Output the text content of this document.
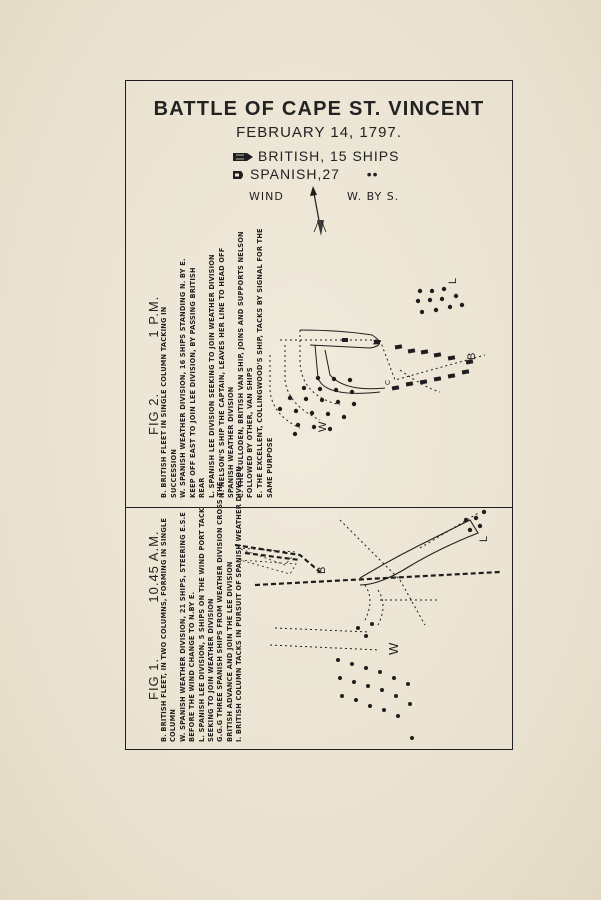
BATTLE OF CAPE ST. VINCENT
FEBRUARY 14, 1797.
BRITISH, 15 SHIPS
SPANISH,27 ••
WIND	W. BY S.
FIG 2.  1 P.M. B. BRITISH FLEET IN SINGLE COLUMN TACKING IN SUCCESSION W. SPANISH WEATHER DIVISION, 16 SHIPS STANDING N. BY E. KEEP OFF EAST TO JOIN LEE DIVISION, BY PASSING BRITISH REAR L. SPANISH LEE DIVISION SEEKING TO JOIN WEATHER DIVISION N. NELSON'S SHIP THE CAPTAIN, LEAVES HER LINE TO HEAD OFF SPANISH WEATHER DIVISION C. THE CULLODEN, BRITISH VAN SHIP, JOINS AND SUPPORTS NELSON FOLLOWED BY OTHER, VAN SHIPS E. THE EXCELLENT, COLLINGWOOD'S SHIP, TACKS BY SIGNAL FOR THE SAME PURPOSE
FIG 1.  10.45 A.M. B. BRITISH FLEET, IN TWO COLUMNS, FORMING IN SINGLE COLUMN W. SPANISH WEATHER DIVISION, 21 SHIPS, STEERING E.S.E BEFORE THE WIND CHANGE TO N.BY E. L. SPANISH LEE DIVISION, 5 SHIPS ON THE WIND PORT TACK SEEKING TO JOIN WEATHER DIVISION G.G.G THREE SPANISH SHIPS FROM WEATHER DIVISION CROSS THE BRITISH ADVANCE AND JOIN THE LEE DIVISION I. BRITISH COLUMN TACKS IN PURSUIT OF SPANISH WEATHER DIVISION
L
B
W
C
N
L
B
W
